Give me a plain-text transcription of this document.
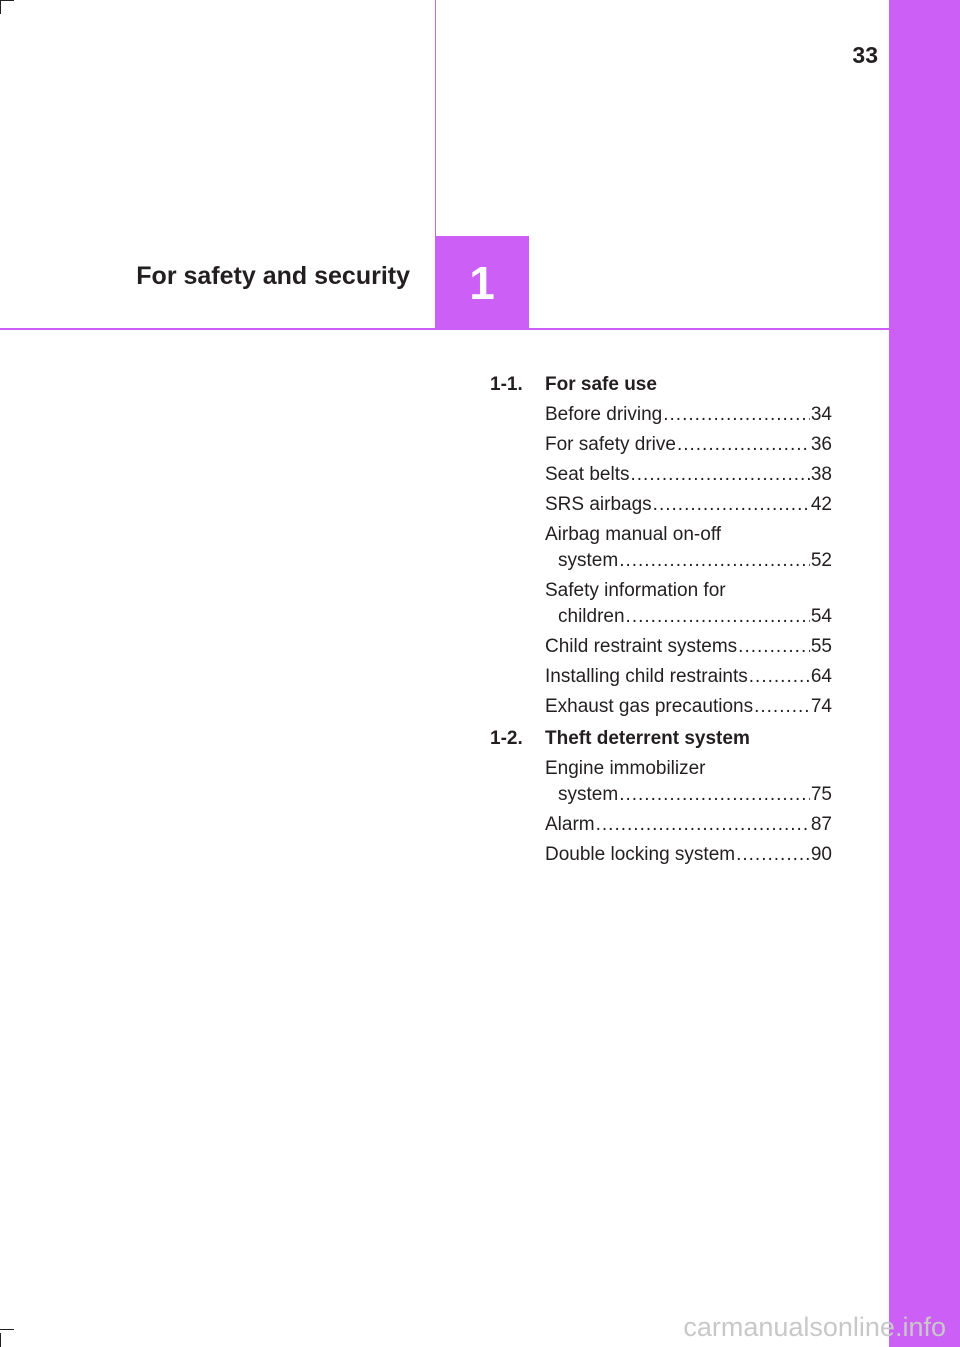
33
For safety and security 1
1-1.	For safe use
Before driving .....	34
For safety drive .....	36
Seat belts .....	38
SRS airbags .....	42
Airbag manual on-off
system .....	52
Safety information for
children .....	54
Child restraint systems .....	55
Installing child restraints .....	64
Exhaust gas precautions .....	74
1-2.	Theft deterrent system
Engine immobilizer
system .....	75
Alarm .....	87
Double locking system .....	90
carmanualsonline.info
